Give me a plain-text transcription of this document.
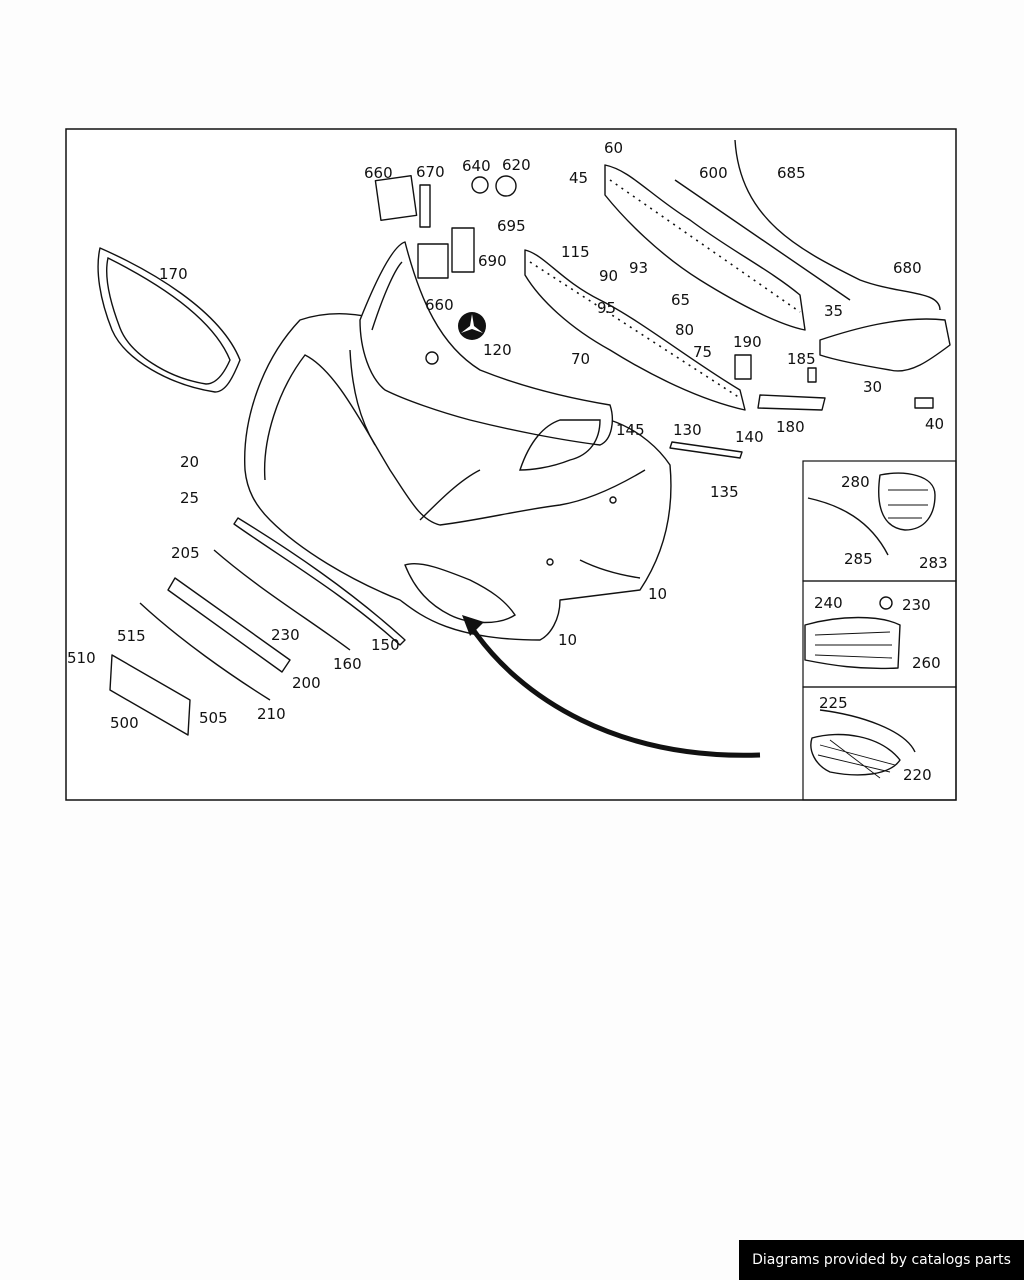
10
10
20
25
30
35
40
45
60
65
70	75
80
90 93
95
115
120
130
135
140
145
150
160
170
180
185
190
200
205
210
220
225
230
230
240
260
280
283
285
500	505
510
515
600
620
640
660
660
670
680
685
690
695
Diagrams provided by catalogs parts
